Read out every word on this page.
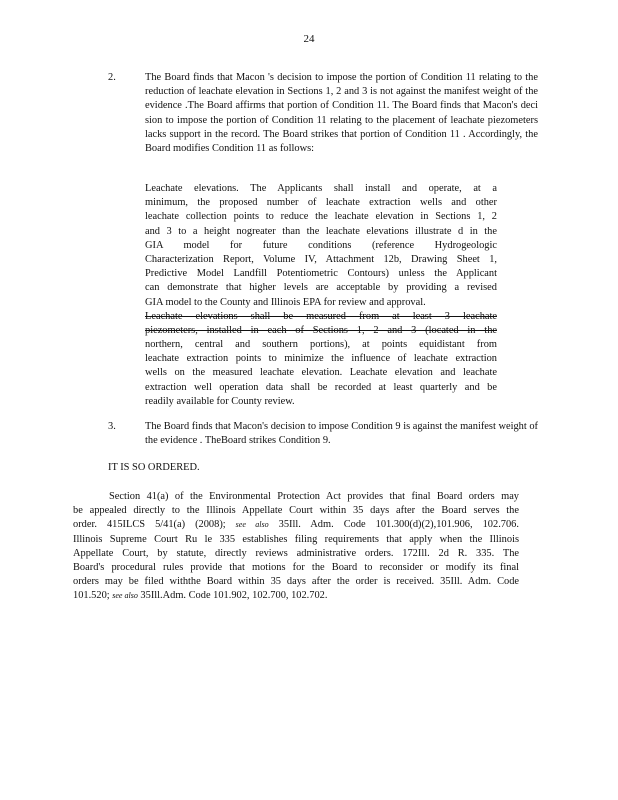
24
2.	The Board finds that Macon 's decision to impose the portion of Condition 11 relating to the reduction of leachate elevation in Sections 1, 2 and 3 is not against the manifest weight of the evidence .The Board affirms that portion of Condition 11. The Board finds that Macon's deci sion to impose the portion of Condition 11 relating to the placement of leachate piezometers lacks support in the record. The Board strikes that portion of Condition 11 . Accordingly, the Board modifies Condition 11 as follows:
Leachate elevations. The Applicants shall install and operate, at a
minimum, the proposed number of leachate extraction wells and other
leachate collection points to reduce the leachate elevation in Sections 1, 2
and 3 to a height nogreater than the leachate elevations illustrate d in the
GIA model for future conditions (reference Hydrogeologic
Characterization Report, Volume IV, Attachment 12b, Drawing Sheet 1,
Predictive Model Landfill Potentiometric Contours) unless the Applicant
can demonstrate that higher levels are acceptable by providing a revised
GIA model to the County and Illinois EPA for review and approval.
Leachate elevations shall be measured from at least 3 leachate
piezometers, installed in each of Sections 1, 2 and 3 (located in the
northern, central and southern portions), at points equidistant from
leachate extraction points to minimize the influence of leachate extraction
wells on the measured leachate elevation. Leachate elevation and leachate
extraction well operation data shall be recorded at least quarterly and be
readily available for County review.
3.	The Board finds that Macon's decision to impose Condition 9 is against the manifest weight of the evidence . TheBoard strikes Condition 9.
IT IS SO ORDERED.
Section 41(a) of the Environmental Protection Act provides that final Board orders may
be appealed directly to the Illinois Appellate Court within 35 days after the Board serves the
order. 415ILCS 5/41(a) (2008); see also 35Ill. Adm. Code 101.300(d)(2),101.906, 102.706.
Illinois Supreme Court Ru le 335 establishes filing requirements that apply when the Illinois
Appellate Court, by statute, directly reviews administrative orders. 172Ill. 2d R. 335. The
Board's procedural rules provide that motions for the Board to reconsider or modify its final
orders may be filed withthe Board within 35 days after the order is received. 35Ill. Adm. Code
101.520; see also 35Ill.Adm. Code 101.902, 102.700, 102.702.
